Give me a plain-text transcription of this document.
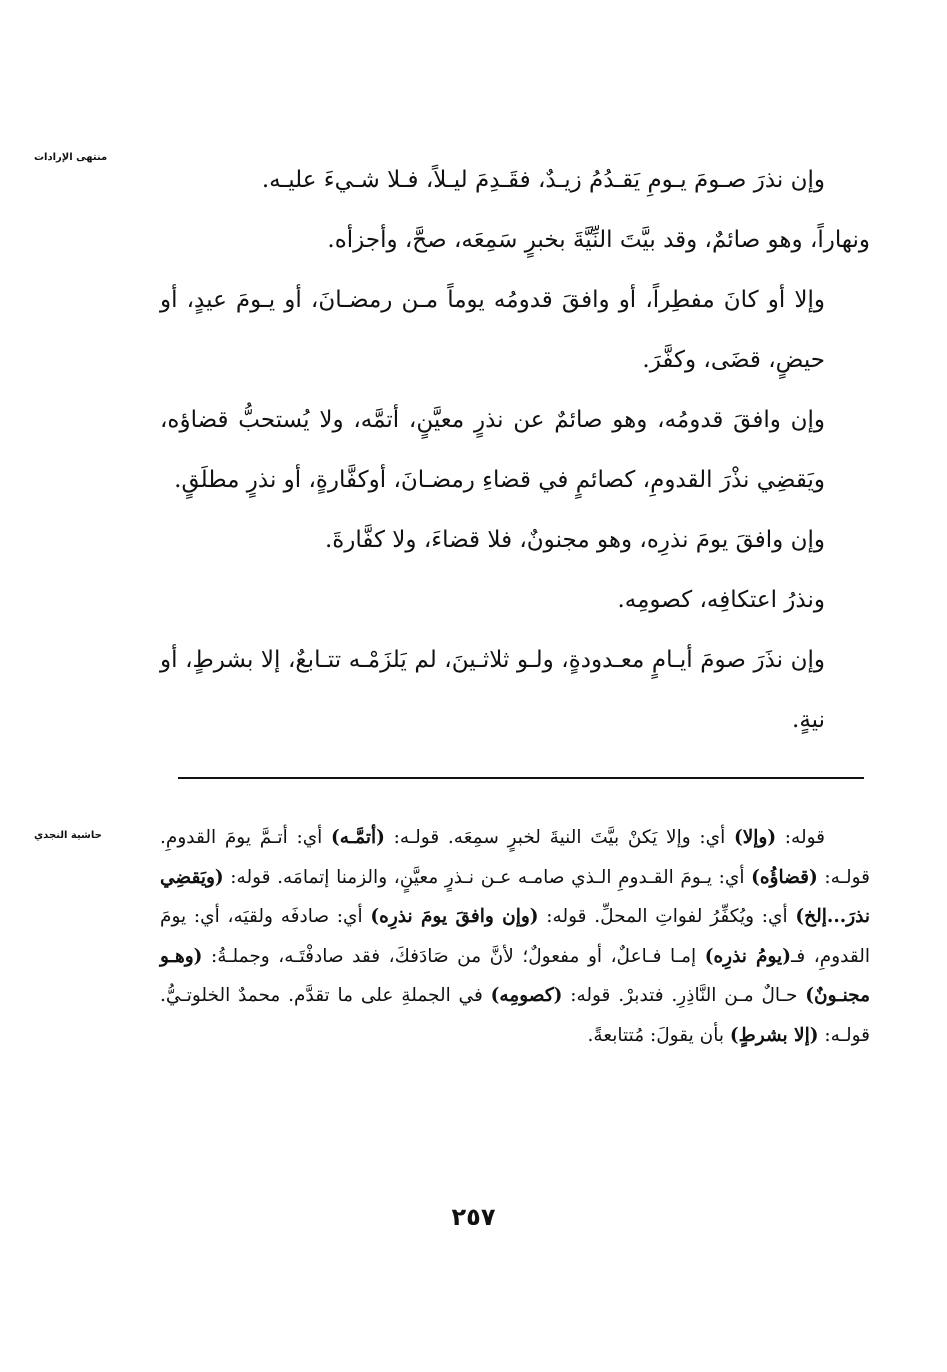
منتهى الإرادات
وإن نذرَ صـومَ يـومِ يَقـدُمُ زيـدٌ، فقَـدِمَ ليـلاً، فـلا شـيءَ عليـه.
ونهاراً، وهو صائمٌ، وقد بيَّتَ النِّيَّةَ بخبرٍ سَمِعَه، صحَّ، وأجزأه.
وإلا أو كانَ مفطِراً، أو وافقَ قدومُه يوماً مـن رمضـانَ، أو يـومَ عيدٍ، أو حيضٍ، قضَى، وكفَّرَ.
وإن وافقَ قدومُه، وهو صائمٌ عن نذرٍ معيَّنٍ، أتمَّه، ولا يُستحبُّ قضاؤه، ويَقضِي نذْرَ القدومِ، كصائمٍ في قضاءِ رمضـانَ، أوكفَّارةٍ، أو نذرٍ مطلَقٍ.
وإن وافقَ يومَ نذرِه، وهو مجنونٌ، فلا قضاءَ، ولا كفَّارةَ.
ونذرُ اعتكافِه، كصومِه.
وإن نذَرَ صومَ أيـامٍ معـدودةٍ، ولـو ثلاثـينَ، لم يَلزَمْـه تتـابعٌ، إلا بشرطٍ، أو نيةٍ.
حاشية النجدي	قوله: (وإلا) أي: وإلا يَكنْ بيَّتَ النيةَ لخبرٍ سمِعَه. قولـه: (أتمَّـه) أي: أتـمَّ يومَ القدومِ. قولـه: (قضاؤُه) أي: يـومَ القـدومِ الـذي صامـه عـن نـذرٍ معيَّنٍ، والزمنا إتمامَه. قوله: (ويَقضِي نذرَ...إلخ) أي: ويُكفِّرُ لفواتِ المحلِّ. قوله: (وإن وافقَ يومَ نذرِه) أي: صادفَه ولقيَه، أي: يومَ القدومِ، فـ(يومُ نذرِه) إمـا فـاعلٌ، أو مفعولٌ؛ لأنَّ من صَادَفكَ، فقد صادفْتَـه، وجملـةُ: (وهـو مجنـونٌ) حـالٌ مـن النَّاذِرِ. فتدبرْ. قوله: (كصومِه) في الجملةِ على ما تقدَّم. محمدٌ الخلوتـيُّ. قولـه: (إلا بشرطٍ) بأن يقولَ: مُتتابعةً.
٢٥٧
